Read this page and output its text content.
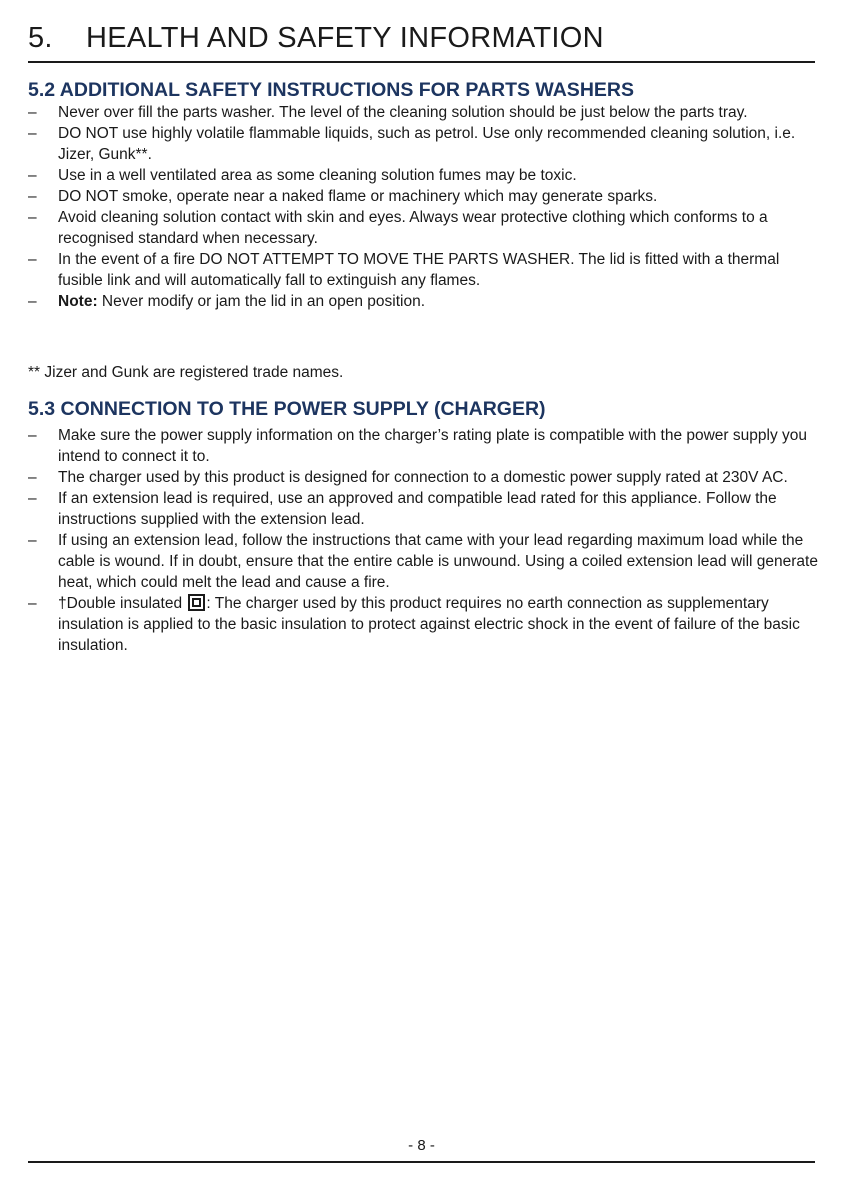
5. HEALTH AND SAFETY INFORMATION
5.2 ADDITIONAL SAFETY INSTRUCTIONS FOR PARTS WASHERS
– Never over fill the parts washer. The level of the cleaning solution should be just below the parts tray.
– DO NOT use highly volatile flammable liquids, such as petrol. Use only recommended cleaning solution, i.e. Jizer, Gunk**.
– Use in a well ventilated area as some cleaning solution fumes may be toxic.
– DO NOT smoke, operate near a naked flame or machinery which may generate sparks.
– Avoid cleaning solution contact with skin and eyes. Always wear protective clothing which conforms to a recognised standard when necessary.
– In the event of a fire DO NOT ATTEMPT TO MOVE THE PARTS WASHER. The lid is fitted with a thermal fusible link and will automatically fall to extinguish any flames.
– Note: Never modify or jam the lid in an open position.
** Jizer and Gunk are registered trade names.
5.3 CONNECTION TO THE POWER SUPPLY (CHARGER)
– Make sure the power supply information on the charger’s rating plate is compatible with the power supply you intend to connect it to.
– The charger used by this product is designed for connection to a domestic power supply rated at 230V AC.
– If an extension lead is required, use an approved and compatible lead rated for this appliance. Follow the instructions supplied with the extension lead.
– If using an extension lead, follow the instructions that came with your lead regarding maximum load while the cable is wound. If in doubt, ensure that the entire cable is unwound. Using a coiled extension lead will generate heat, which could melt the lead and cause a fire.
– †Double insulated
: The charger used by this product requires no earth connection as supplementary insulation is applied to the basic insulation to protect against electric shock in the event of failure of the basic insulation.
- 8 -
